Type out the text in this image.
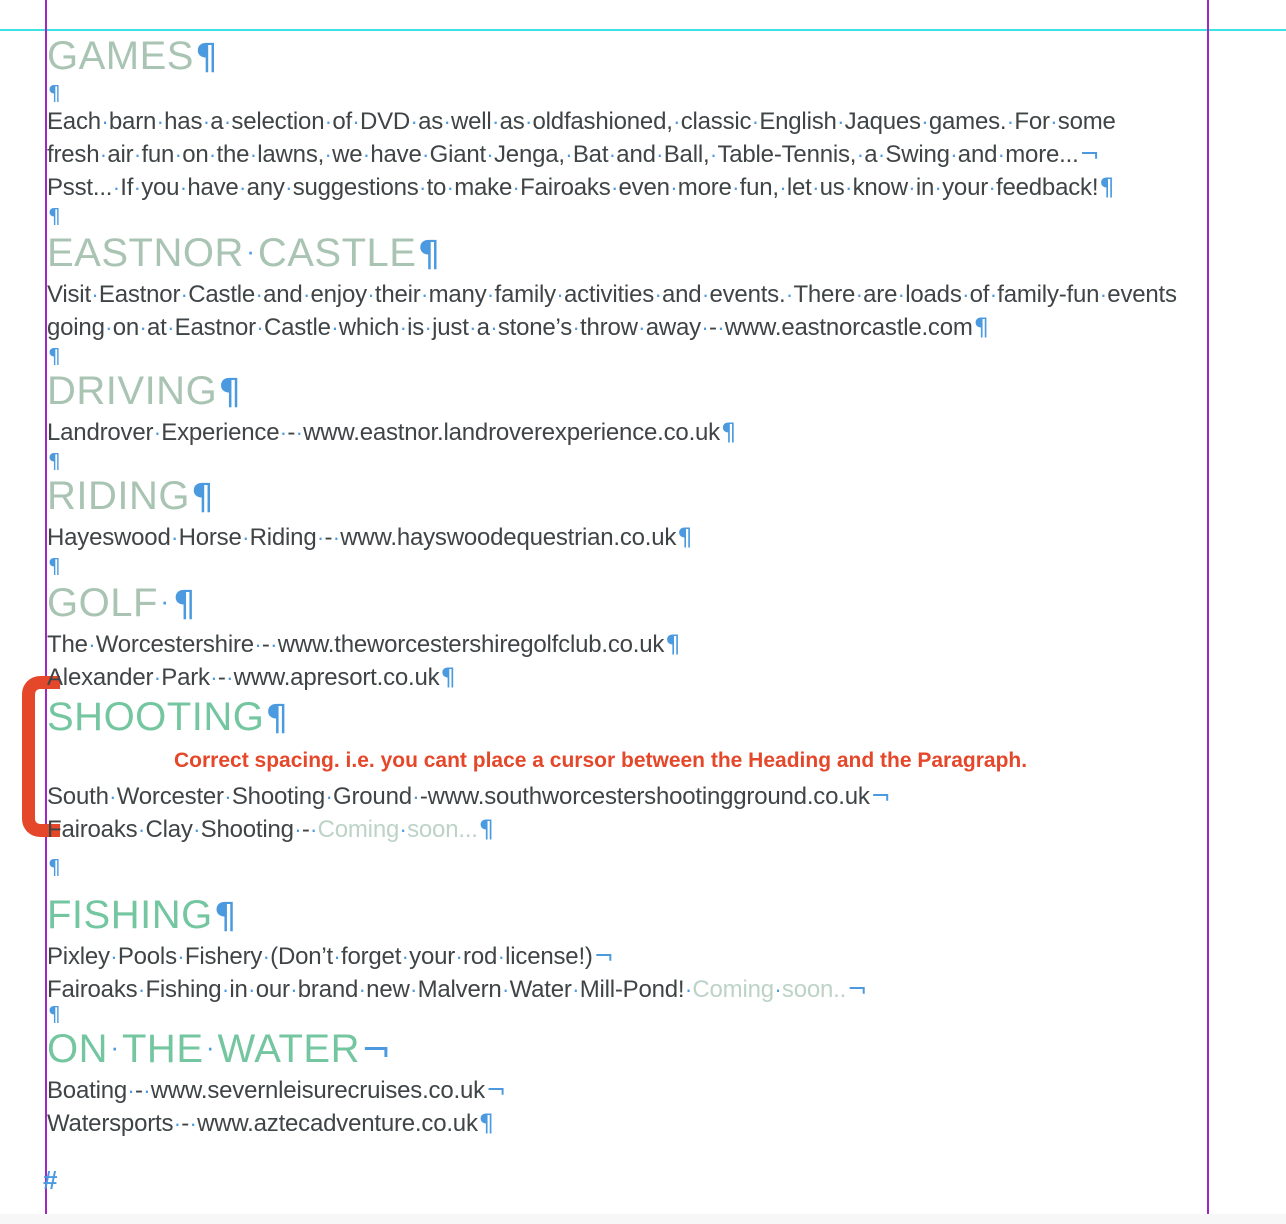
GAMES¶
¶
Each·barn·has·a·selection·of·DVD·as·well·as·oldfashioned,·classic·English·Jaques·games.·For·some
fresh·air·fun·on·the·lawns,·we·have·Giant·Jenga,·Bat·and·Ball,·Table-Tennis,·a·Swing·and·more...¬
Psst...·If·you·have·any·suggestions·to·make·Fairoaks·even·more·fun,·let·us·know·in·your·feedback!¶
¶
EASTNOR·CASTLE¶
Visit·Eastnor·Castle·and·enjoy·their·many·family·activities·and·events.·There·are·loads·of·family-fun·events
going·on·at·Eastnor·Castle·which·is·just·a·stone’s·throw·away·-·www.eastnorcastle.com¶
¶
DRIVING¶
Landrover·Experience·-·www.eastnor.landroverexperience.co.uk¶
¶
RIDING¶
Hayeswood·Horse·Riding·-·www.hayswoodequestrian.co.uk¶
¶
GOLF·¶
The·Worcestershire·-·www.theworcestershiregolfclub.co.uk¶
Alexander·Park·-·www.apresort.co.uk¶
SHOOTING¶
Correct spacing. i.e. you cant place a cursor between the Heading and the Paragraph.
South·Worcester·Shooting·Ground·-www.southworcestershootingground.co.uk¬
Fairoaks·Clay·Shooting·-·Coming·soon...¶
¶
FISHING¶
Pixley·Pools·Fishery·(Don’t·forget·your·rod·license!)¬
Fairoaks·Fishing·in·our·brand·new·Malvern·Water·Mill-Pond!·Coming·soon..¬
¶
ON·THE·WATER¬
Boating·-·www.severnleisurecruises.co.uk¬
Watersports·-·www.aztecadventure.co.uk¶
#
